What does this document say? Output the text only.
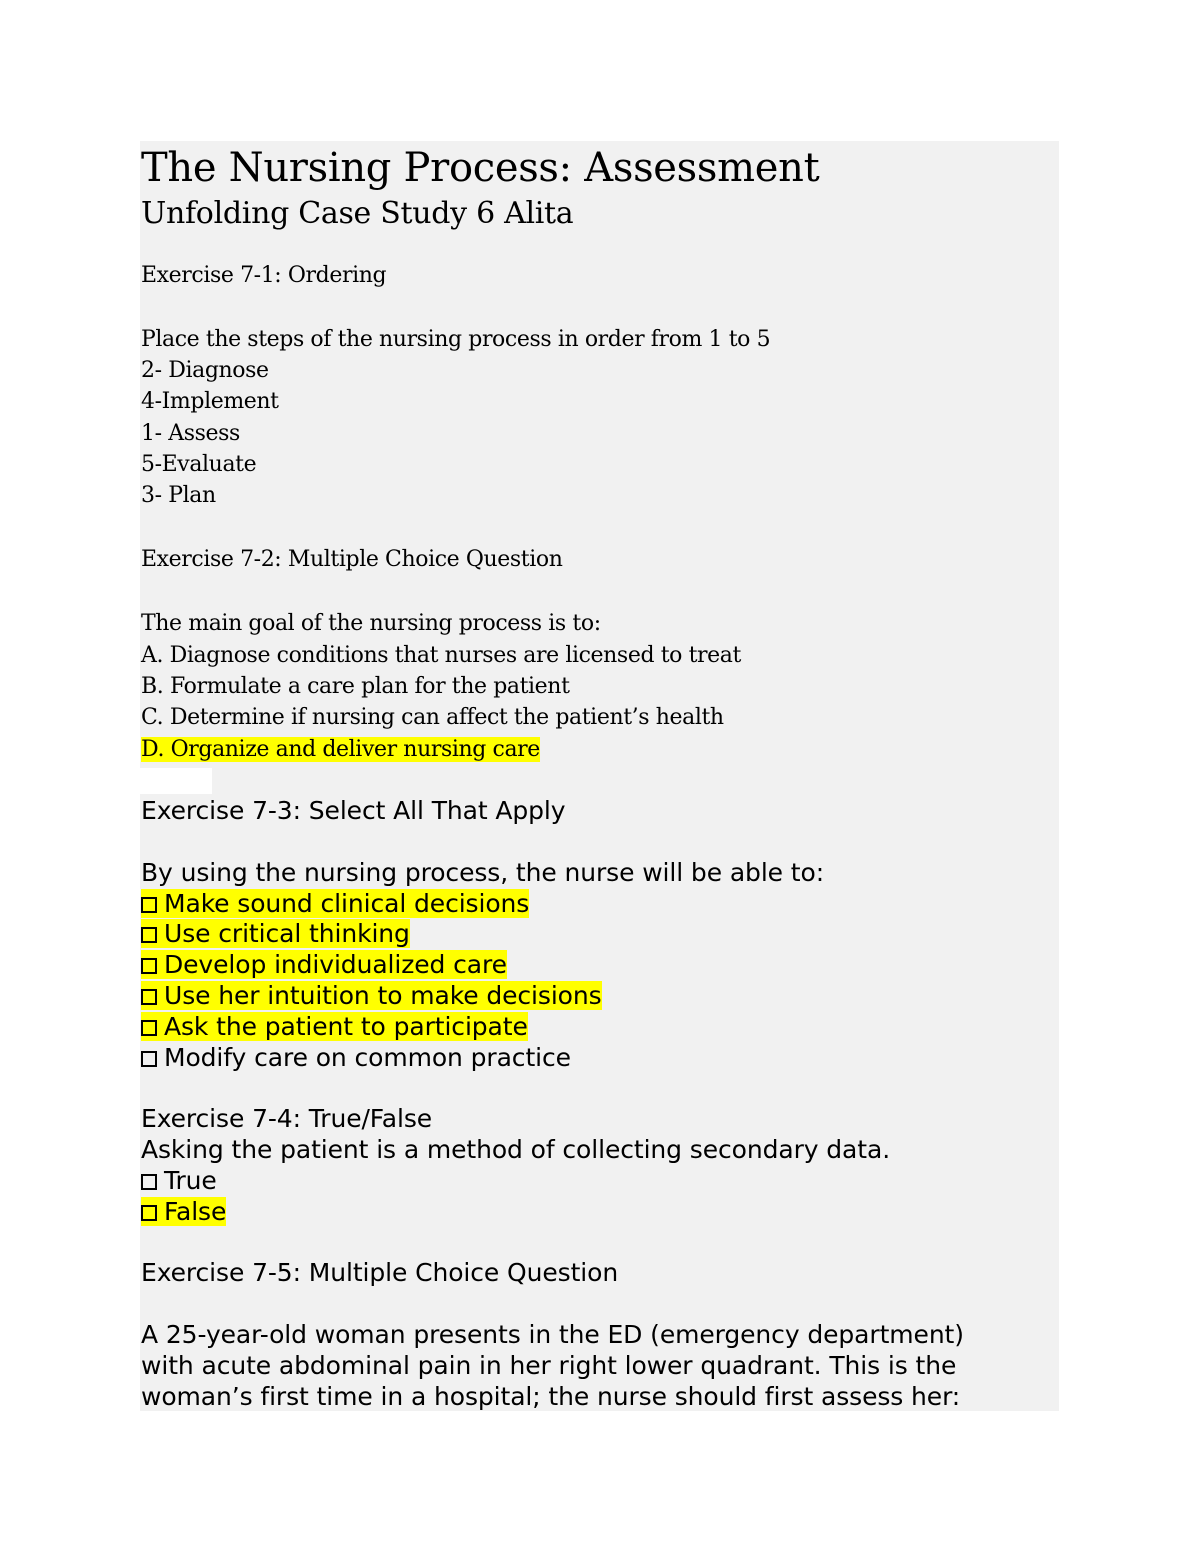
The Nursing Process: Assessment
Unfolding Case Study 6 Alita
Exercise 7-1: Ordering
Place the steps of the nursing process in order from 1 to 5
2- Diagnose
4-Implement
1- Assess
5-Evaluate
3- Plan
Exercise 7-2: Multiple Choice Question
The main goal of the nursing process is to:
A. Diagnose conditions that nurses are licensed to treat
B. Formulate a care plan for the patient
C. Determine if nursing can affect the patient’s health
D. Organize and deliver nursing care
Exercise 7-3: Select All That Apply
By using the nursing process, the nurse will be able to:
Make sound clinical decisions
Use critical thinking
Develop individualized care
Use her intuition to make decisions
Ask the patient to participate
Modify care on common practice
Exercise 7-4: True/False
Asking the patient is a method of collecting secondary data.
True
False
Exercise 7-5: Multiple Choice Question
A 25-year-old woman presents in the ED (emergency department)
with acute abdominal pain in her right lower quadrant. This is the
woman’s first time in a hospital; the nurse should first assess her:
